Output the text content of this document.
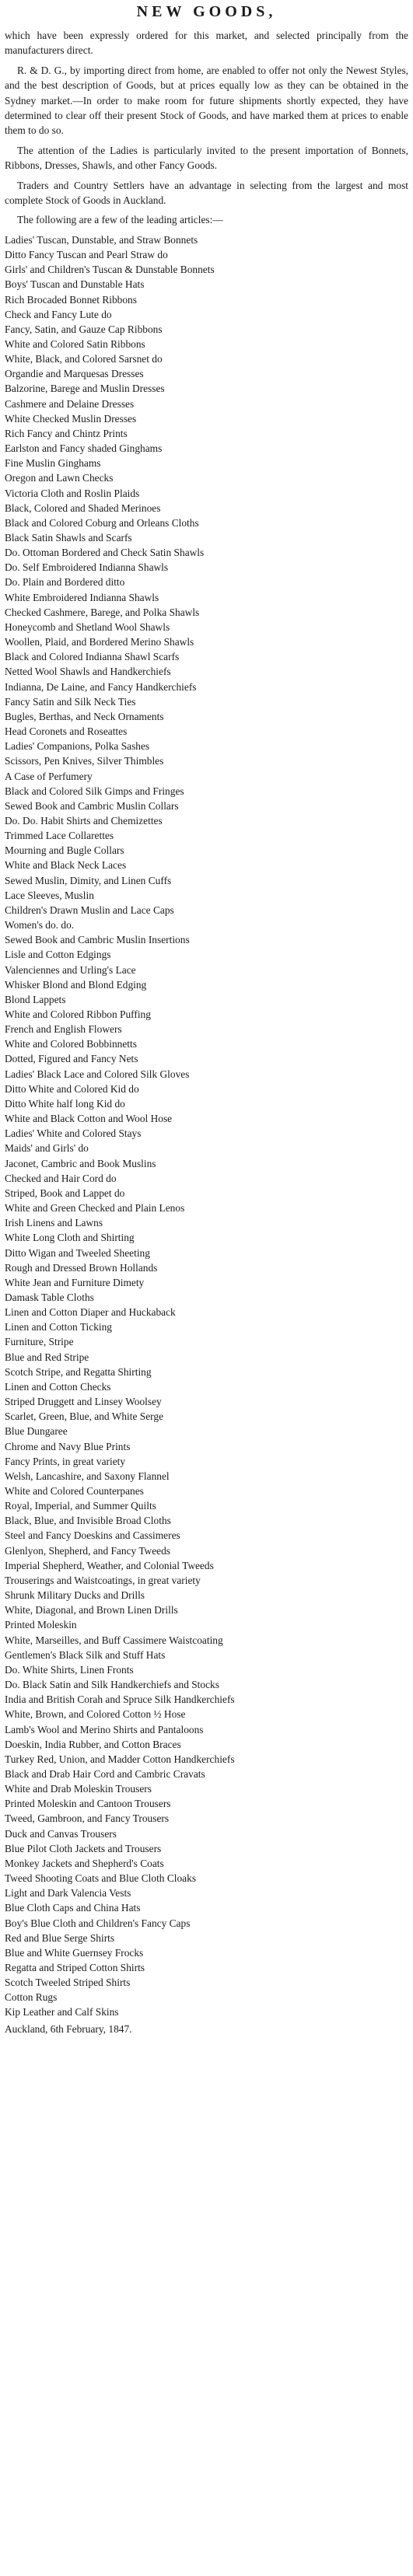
NEW GOODS,

which have been expressly ordered for this market, and selected principally from the manufacturers direct.

R. & D. G., by importing direct from home, are enabled to offer not only the Newest Styles, and the best description of Goods, but at prices equally low as they can be obtained in the Sydney market.—In order to make room for future shipments shortly expected, they have determined to clear off their present Stock of Goods, and have marked them at prices to enable them to do so.

The attention of the Ladies is particularly invited to the present importation of Bonnets, Ribbons, Dresses, Shawls, and other Fancy Goods.

Traders and Country Settlers have an advantage in selecting from the largest and most complete Stock of Goods in Auckland.

The following are a few of the leading articles:—

Ladies' Tuscan, Dunstable, and Straw Bonnets
Ditto Fancy Tuscan and Pearl Straw do
Girls' and Children's Tuscan & Dunstable Bonnets
Boys' Tuscan and Dunstable Hats
Rich Brocaded Bonnet Ribbons
Check and Fancy Lute do
Fancy, Satin, and Gauze Cap Ribbons
White and Colored Satin Ribbons
White, Black, and Colored Sarsnet do
Organdie and Marquesas Dresses
Balzorine, Barege and Muslin Dresses
Cashmere and Delaine Dresses
White Checked Muslin Dresses
Rich Fancy and Chintz Prints
Earlston and Fancy shaded Ginghams
Fine Muslin Ginghams
Oregon and Lawn Checks
Victoria Cloth and Roslin Plaids
Black, Colored and Shaded Merinoes
Black and Colored Coburg and Orleans Cloths
Black Satin Shawls and Scarfs
Do. Ottoman Bordered and Check Satin Shawls
Do. Self Embroidered Indianna Shawls
Do. Plain and Bordered ditto
White Embroidered Indianna Shawls
Checked Cashmere, Barege, and Polka Shawls
Honeycomb and Shetland Wool Shawls
Woollen, Plaid, and Bordered Merino Shawls
Black and Colored Indianna Shawl Scarfs
Netted Wool Shawls and Handkerchiefs
Indianna, De Laine, and Fancy Handkerchiefs
Fancy Satin and Silk Neck Ties
Bugles, Berthas, and Neck Ornaments
Head Coronets and Roseattes
Ladies' Companions, Polka Sashes
Scissors, Pen Knives, Silver Thimbles
A Case of Perfumery
Black and Colored Silk Gimps and Fringes
Sewed Book and Cambric Muslin Collars
Do. Do. Habit Shirts and Chemizettes
Trimmed Lace Collarettes
Mourning and Bugle Collars
White and Black Neck Laces
Sewed Muslin, Dimity, and Linen Cuffs
Lace Sleeves, Muslin
Children's Drawn Muslin and Lace Caps
Women's do. do.
Sewed Book and Cambric Muslin Insertions
Lisle and Cotton Edgings
Valenciennes and Urling's Lace
Whisker Blond and Blond Edging
Blond Lappets
White and Colored Ribbon Puffing
French and English Flowers
White and Colored Bobbinnetts
Dotted, Figured and Fancy Nets
Ladies' Black Lace and Colored Silk Gloves
Ditto White and Colored Kid do
Ditto White half long Kid do
White and Black Cotton and Wool Hose
Ladies' White and Colored Stays
Maids' and Girls' do
Jaconet, Cambric and Book Muslins
Checked and Hair Cord do
Striped, Book and Lappet do
White and Green Checked and Plain Lenos
Irish Linens and Lawns
White Long Cloth and Shirting
Ditto Wigan and Tweeled Sheeting
Rough and Dressed Brown Hollands
White Jean and Furniture Dimety
Damask Table Cloths
Linen and Cotton Diaper and Huckaback
Linen and Cotton Ticking
Furniture, Stripe
Blue and Red Stripe
Scotch Stripe, and Regatta Shirting
Linen and Cotton Checks
Striped Druggett and Linsey Woolsey
Scarlet, Green, Blue, and White Serge
Blue Dungaree
Chrome and Navy Blue Prints
Fancy Prints, in great variety
Welsh, Lancashire, and Saxony Flannel
White and Colored Counterpanes
Royal, Imperial, and Summer Quilts
Black, Blue, and Invisible Broad Cloths
Steel and Fancy Doeskins and Cassimeres
Glenlyon, Shepherd, and Fancy Tweeds
Imperial Shepherd, Weather, and Colonial Tweeds
Trouserings and Waistcoatings, in great variety
Shrunk Military Ducks and Drills
White, Diagonal, and Brown Linen Drills
Printed Moleskin
White, Marseilles, and Buff Cassimere Waistcoating
Gentlemen's Black Silk and Stuff Hats
Do. White Shirts, Linen Fronts
Do. Black Satin and Silk Handkerchiefs and Stocks
India and British Corah and Spruce Silk Handkerchiefs
White, Brown, and Colored Cotton ½ Hose
Lamb's Wool and Merino Shirts and Pantaloons
Doeskin, India Rubber, and Cotton Braces
Turkey Red, Union, and Madder Cotton Handkerchiefs
Black and Drab Hair Cord and Cambric Cravats
White and Drab Moleskin Trousers
Printed Moleskin and Cantoon Trousers
Tweed, Gambroon, and Fancy Trousers
Duck and Canvas Trousers
Blue Pilot Cloth Jackets and Trousers
Monkey Jackets and Shepherd's Coats
Tweed Shooting Coats and Blue Cloth Cloaks
Light and Dark Valencia Vests
Blue Cloth Caps and China Hats
Boy's Blue Cloth and Children's Fancy Caps
Red and Blue Serge Shirts
Blue and White Guernsey Frocks
Regatta and Striped Cotton Shirts
Scotch Tweeled Striped Shirts
Cotton Rugs
Kip Leather and Calf Skins
Auckland, 6th February, 1847.
